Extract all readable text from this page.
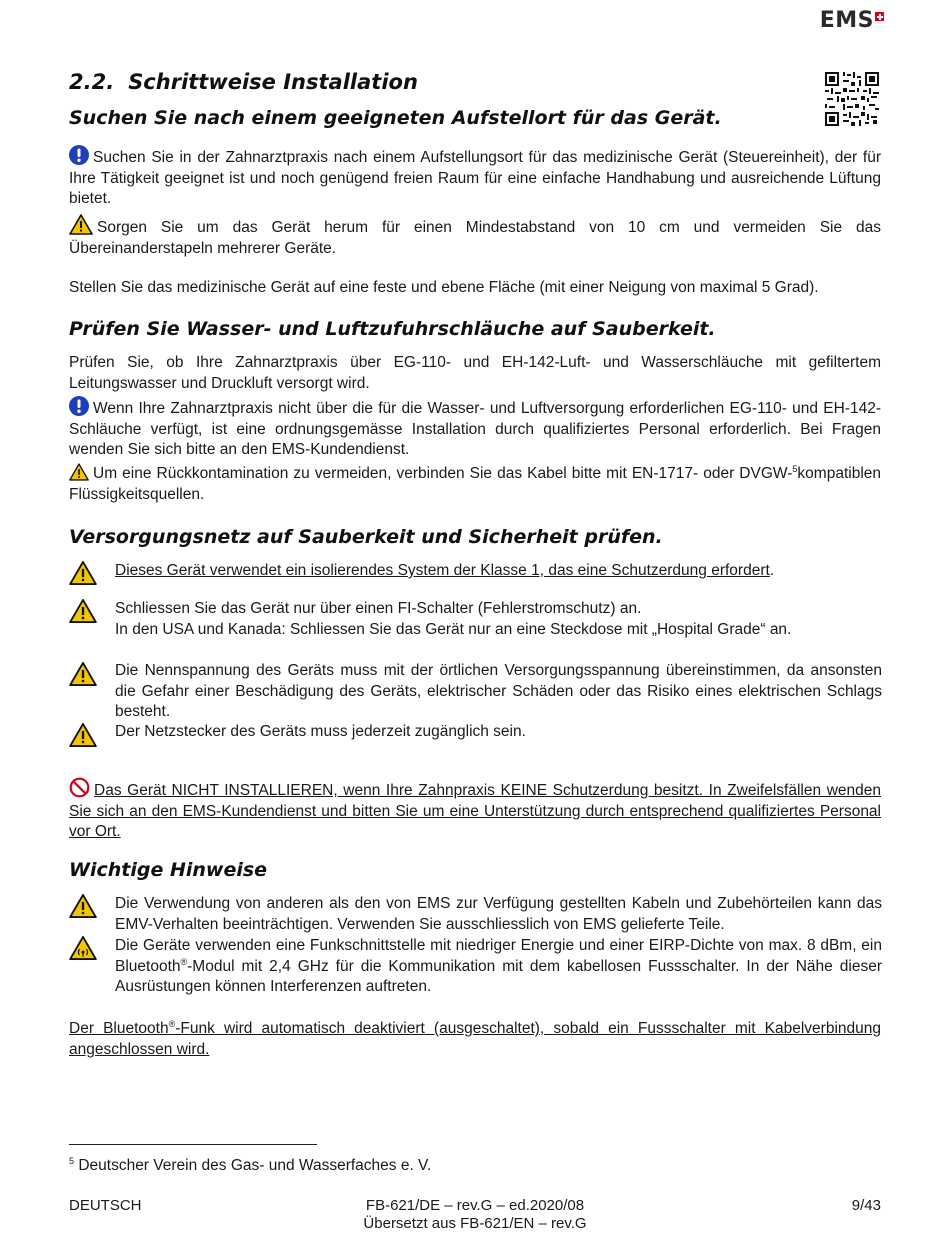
EMS
2.2. Schrittweise Installation
Suchen Sie nach einem geeigneten Aufstellort für das Gerät.

Suchen Sie in der Zahnarztpraxis nach einem Aufstellungsort für das medizinische Gerät (Steuereinheit), der für Ihre Tätigkeit geeignet ist und noch genügend freien Raum für eine einfache Handhabung und ausreichende Lüftung bietet.

Sorgen Sie um das Gerät herum für einen Mindestabstand von 10 cm und vermeiden Sie das Übereinanderstapeln mehrerer Geräte.

Stellen Sie das medizinische Gerät auf eine feste und ebene Fläche (mit einer Neigung von maximal 5 Grad).

Prüfen Sie Wasser- und Luftzufuhrschläuche auf Sauberkeit.

Prüfen Sie, ob Ihre Zahnarztpraxis über EG-110- und EH-142-Luft- und Wasserschläuche mit gefiltertem Leitungswasser und Druckluft versorgt wird.

Wenn Ihre Zahnarztpraxis nicht über die für die Wasser- und Luftversorgung erforderlichen EG-110- und EH-142-Schläuche verfügt, ist eine ordnungsgemässe Installation durch qualifiziertes Personal erforderlich. Bei Fragen wenden Sie sich bitte an den EMS-Kundendienst.

Um eine Rückkontamination zu vermeiden, verbinden Sie das Kabel bitte mit EN-1717- oder DVGW-$^5$kompatiblen Flüssigkeitsquellen.

Versorgungsnetz auf Sauberkeit und Sicherheit prüfen.

Dieses Gerät verwendet ein isolierendes System der Klasse 1, das eine Schutzerdung erfordert.

Schliessen Sie das Gerät nur über einen FI-Schalter (Fehlerstromschutz) an.
In den USA und Kanada: Schliessen Sie das Gerät nur an eine Steckdose mit „Hospital Grade“ an.

Die Nennspannung des Geräts muss mit der örtlichen Versorgungsspannung übereinstimmen, da ansonsten die Gefahr einer Beschädigung des Geräts, elektrischer Schäden oder das Risiko eines elektrischen Schlags besteht.

Der Netzstecker des Geräts muss jederzeit zugänglich sein.

Das Gerät NICHT INSTALLIEREN, wenn Ihre Zahnpraxis KEINE Schutzerdung besitzt. In Zweifelsfällen wenden Sie sich an den EMS-Kundendienst und bitten Sie um eine Unterstützung durch entsprechend qualifiziertes Personal vor Ort.

Wichtige Hinweise

Die Verwendung von anderen als den von EMS zur Verfügung gestellten Kabeln und Zubehörteilen kann das EMV-Verhalten beeinträchtigen. Verwenden Sie ausschliesslich von EMS gelieferte Teile.

Die Geräte verwenden eine Funkschnittstelle mit niedriger Energie und einer EIRP-Dichte von max. 8 dBm, ein Bluetooth®-Modul mit 2,4 GHz für die Kommunikation mit dem kabellosen Fussschalter. In der Nähe dieser Ausrüstungen können Interferenzen auftreten.

Der Bluetooth®-Funk wird automatisch deaktiviert (ausgeschaltet), sobald ein Fussschalter mit Kabelverbindung angeschlossen wird.

$^5$ Deutscher Verein des Gas- und Wasserfaches e. V.

DEUTSCH	FB-621/DE – rev.G – ed.2020/08
Übersetzt aus FB-621/EN – rev.G
9/43
